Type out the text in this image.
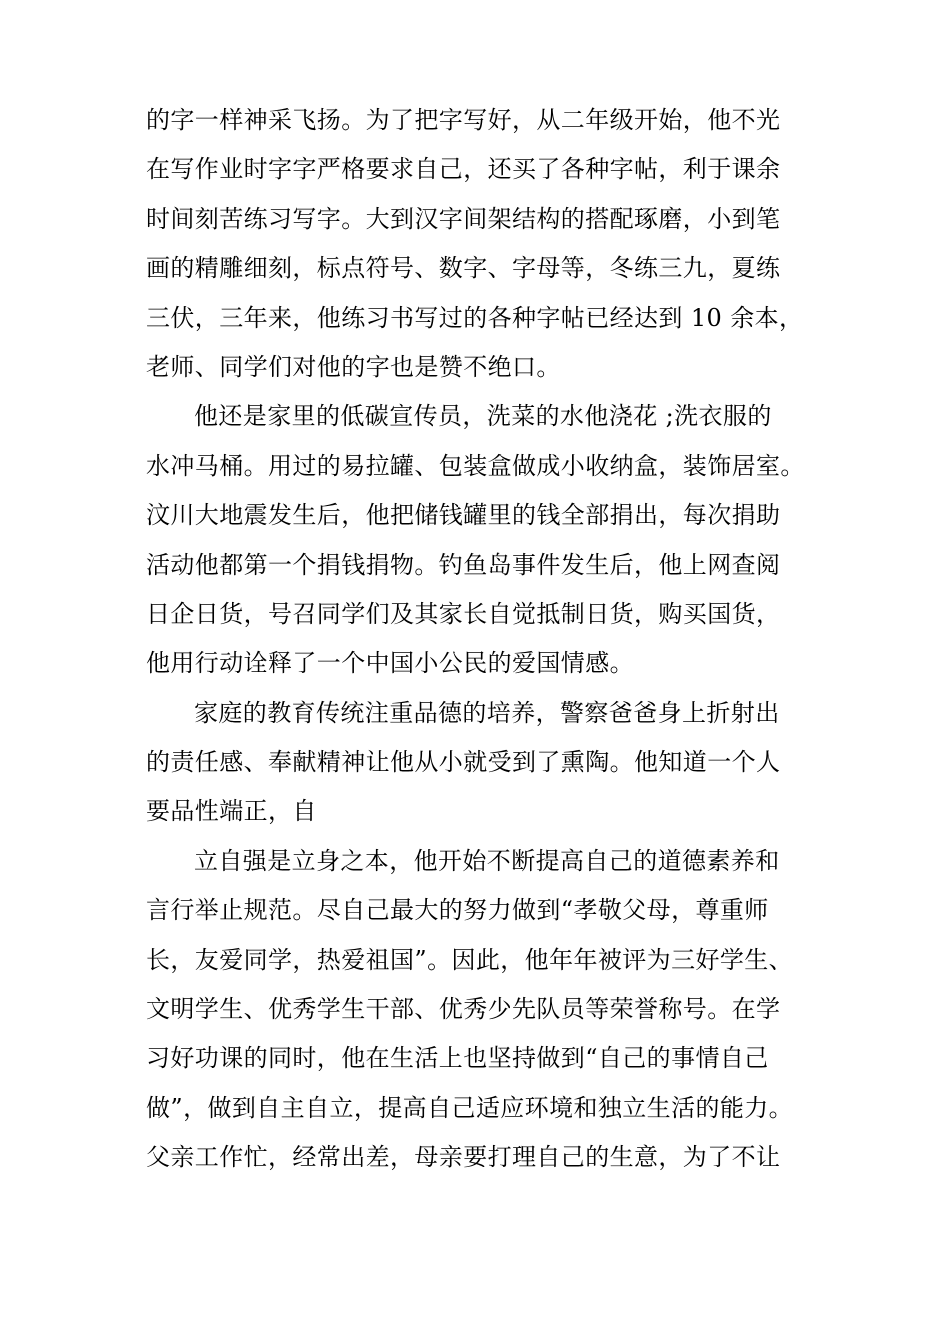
的字一样神采飞扬。为了把字写好，从二年级开始，他不光
在写作业时字字严格要求自己，还买了各种字帖，利于课余
时间刻苦练习写字。大到汉字间架结构的搭配琢磨，小到笔
画的精雕细刻，标点符号、数字、字母等，冬练三九，夏练
三伏，三年来，他练习书写过的各种字帖已经达到 10 余本，
老师、同学们对他的字也是赞不绝口。
他还是家里的低碳宣传员，洗菜的水他浇花 ;洗衣服的
水冲马桶。用过的易拉罐、包装盒做成小收纳盒，装饰居室。
汶川大地震发生后，他把储钱罐里的钱全部捐出，每次捐助
活动他都第一个捐钱捐物。钓鱼岛事件发生后，他上网查阅
日企日货，号召同学们及其家长自觉抵制日货，购买国货，
他用行动诠释了一个中国小公民的爱国情感。
家庭的教育传统注重品德的培养，警察爸爸身上折射出
的责任感、奉献精神让他从小就受到了熏陶。他知道一个人
要品性端正，自
立自强是立身之本，他开始不断提高自己的道德素养和
言行举止规范。尽自己最大的努力做到“孝敬父母，尊重师
长，友爱同学，热爱祖国”。因此，他年年被评为三好学生、
文明学生、优秀学生干部、优秀少先队员等荣誉称号。在学
习好功课的同时，他在生活上也坚持做到“自己的事情自己
做”，做到自主自立，提高自己适应环境和独立生活的能力。
父亲工作忙，经常出差，母亲要打理自己的生意，为了不让
